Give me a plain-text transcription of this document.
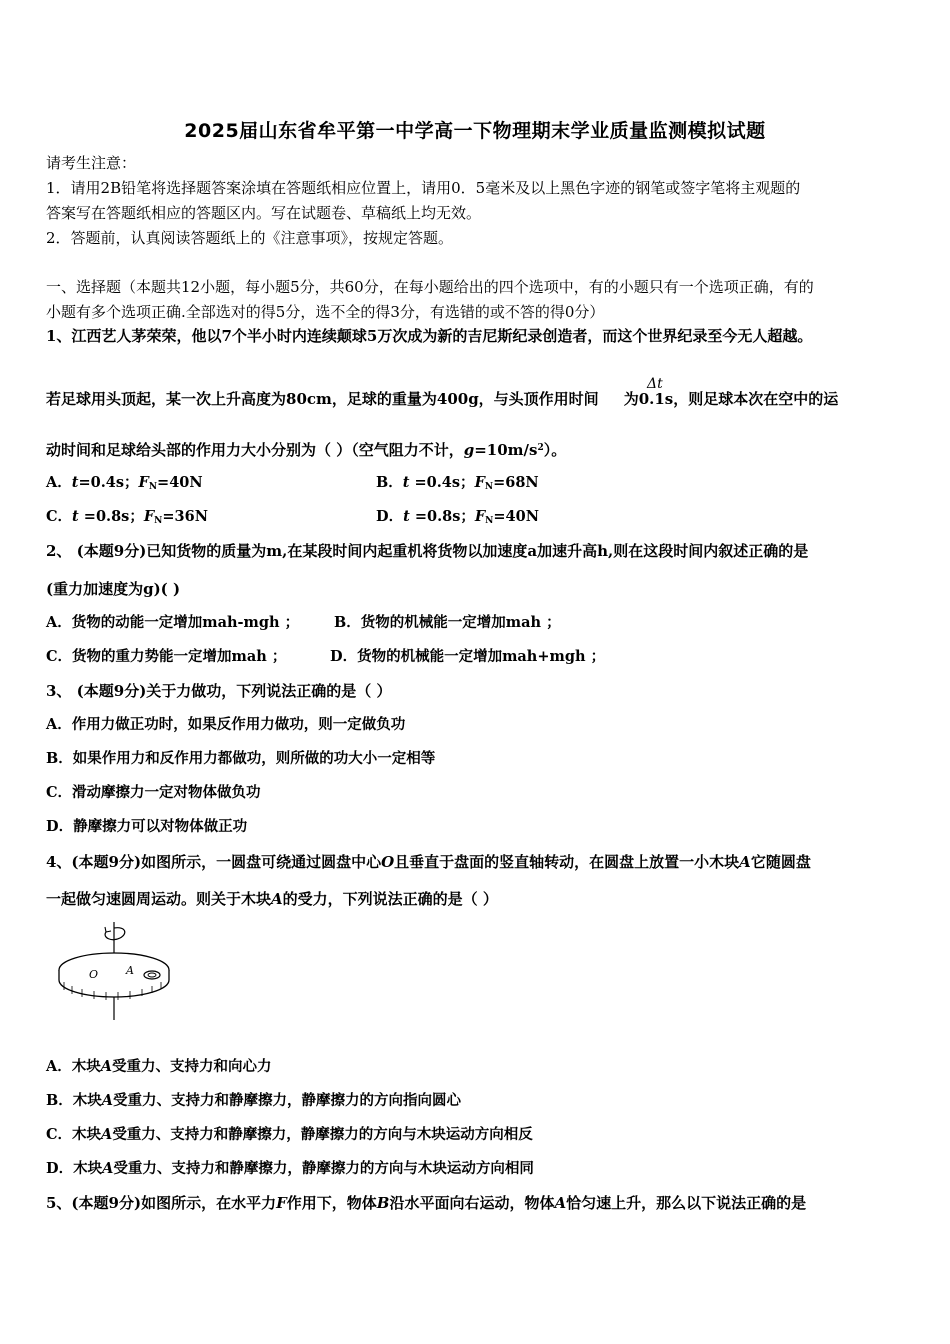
2025届山东省牟平第一中学高一下物理期末学业质量监测模拟试题
请考生注意：
1．请用2B铅笔将选择题答案涂填在答题纸相应位置上，请用0．5毫米及以上黑色字迹的钢笔或签字笔将主观题的
答案写在答题纸相应的答题区内。写在试题卷、草稿纸上均无效。
2．答题前，认真阅读答题纸上的《注意事项》，按规定答题。
一、选择题（本题共12小题，每小题5分，共60分，在每小题给出的四个选项中，有的小题只有一个选项正确，有的
小题有多个选项正确.全部选对的得5分，选不全的得3分，有选错的或不答的得0分）
1、江西艺人茅荣荣，他以7个半小时内连续颠球5万次成为新的吉尼斯纪录创造者，而这个世界纪录至今无人超越。
若足球用头顶起，某一次上升高度为80cm，足球的重量为400g，与头顶作用时间 为0.1s，则足球本次在空中的运
Δt
动时间和足球给头部的作用力大小分别为（ ）（空气阻力不计，$g=10m/s^2$）。
A．t=0.4s；$F_N=40N$	B．t =0.4s；$F_N=68N$
C．t =0.8s；$F_N=36N$	D．t =0.8s；$F_N=40N$
2、 (本题9分)已知货物的质量为m,在某段时间内起重机将货物以加速度a加速升高h,则在这段时间内叙述正确的是
(重力加速度为g)( )
A．货物的动能一定增加mah-mgh ； B．货物的机械能一定增加mah ；
C．货物的重力势能一定增加mah ；	D．货物的机械能一定增加mah+mgh ；
3、 (本题9分)关于力做功，下列说法正确的是（ ）
A．作用力做正功时，如果反作用力做功，则一定做负功
B．如果作用力和反作用力都做功，则所做的功大小一定相等
C．滑动摩擦力一定对物体做负功
D．静摩擦力可以对物体做正功
4、(本题9分)如图所示，一圆盘可绕通过圆盘中心O且垂直于盘面的竖直轴转动，在圆盘上放置一小木块A它随圆盘
一起做匀速圆周运动。则关于木块A的受力，下列说法正确的是（ ）
O	A
A．木块A受重力、支持力和向心力
B．木块A受重力、支持力和静摩擦力，静摩擦力的方向指向圆心
C．木块A受重力、支持力和静摩擦力，静摩擦力的方向与木块运动方向相反
D．木块A受重力、支持力和静摩擦力，静摩擦力的方向与木块运动方向相同
5、(本题9分)如图所示，在水平力F作用下，物体B沿水平面向右运动，物体A恰匀速上升，那么以下说法正确的是
